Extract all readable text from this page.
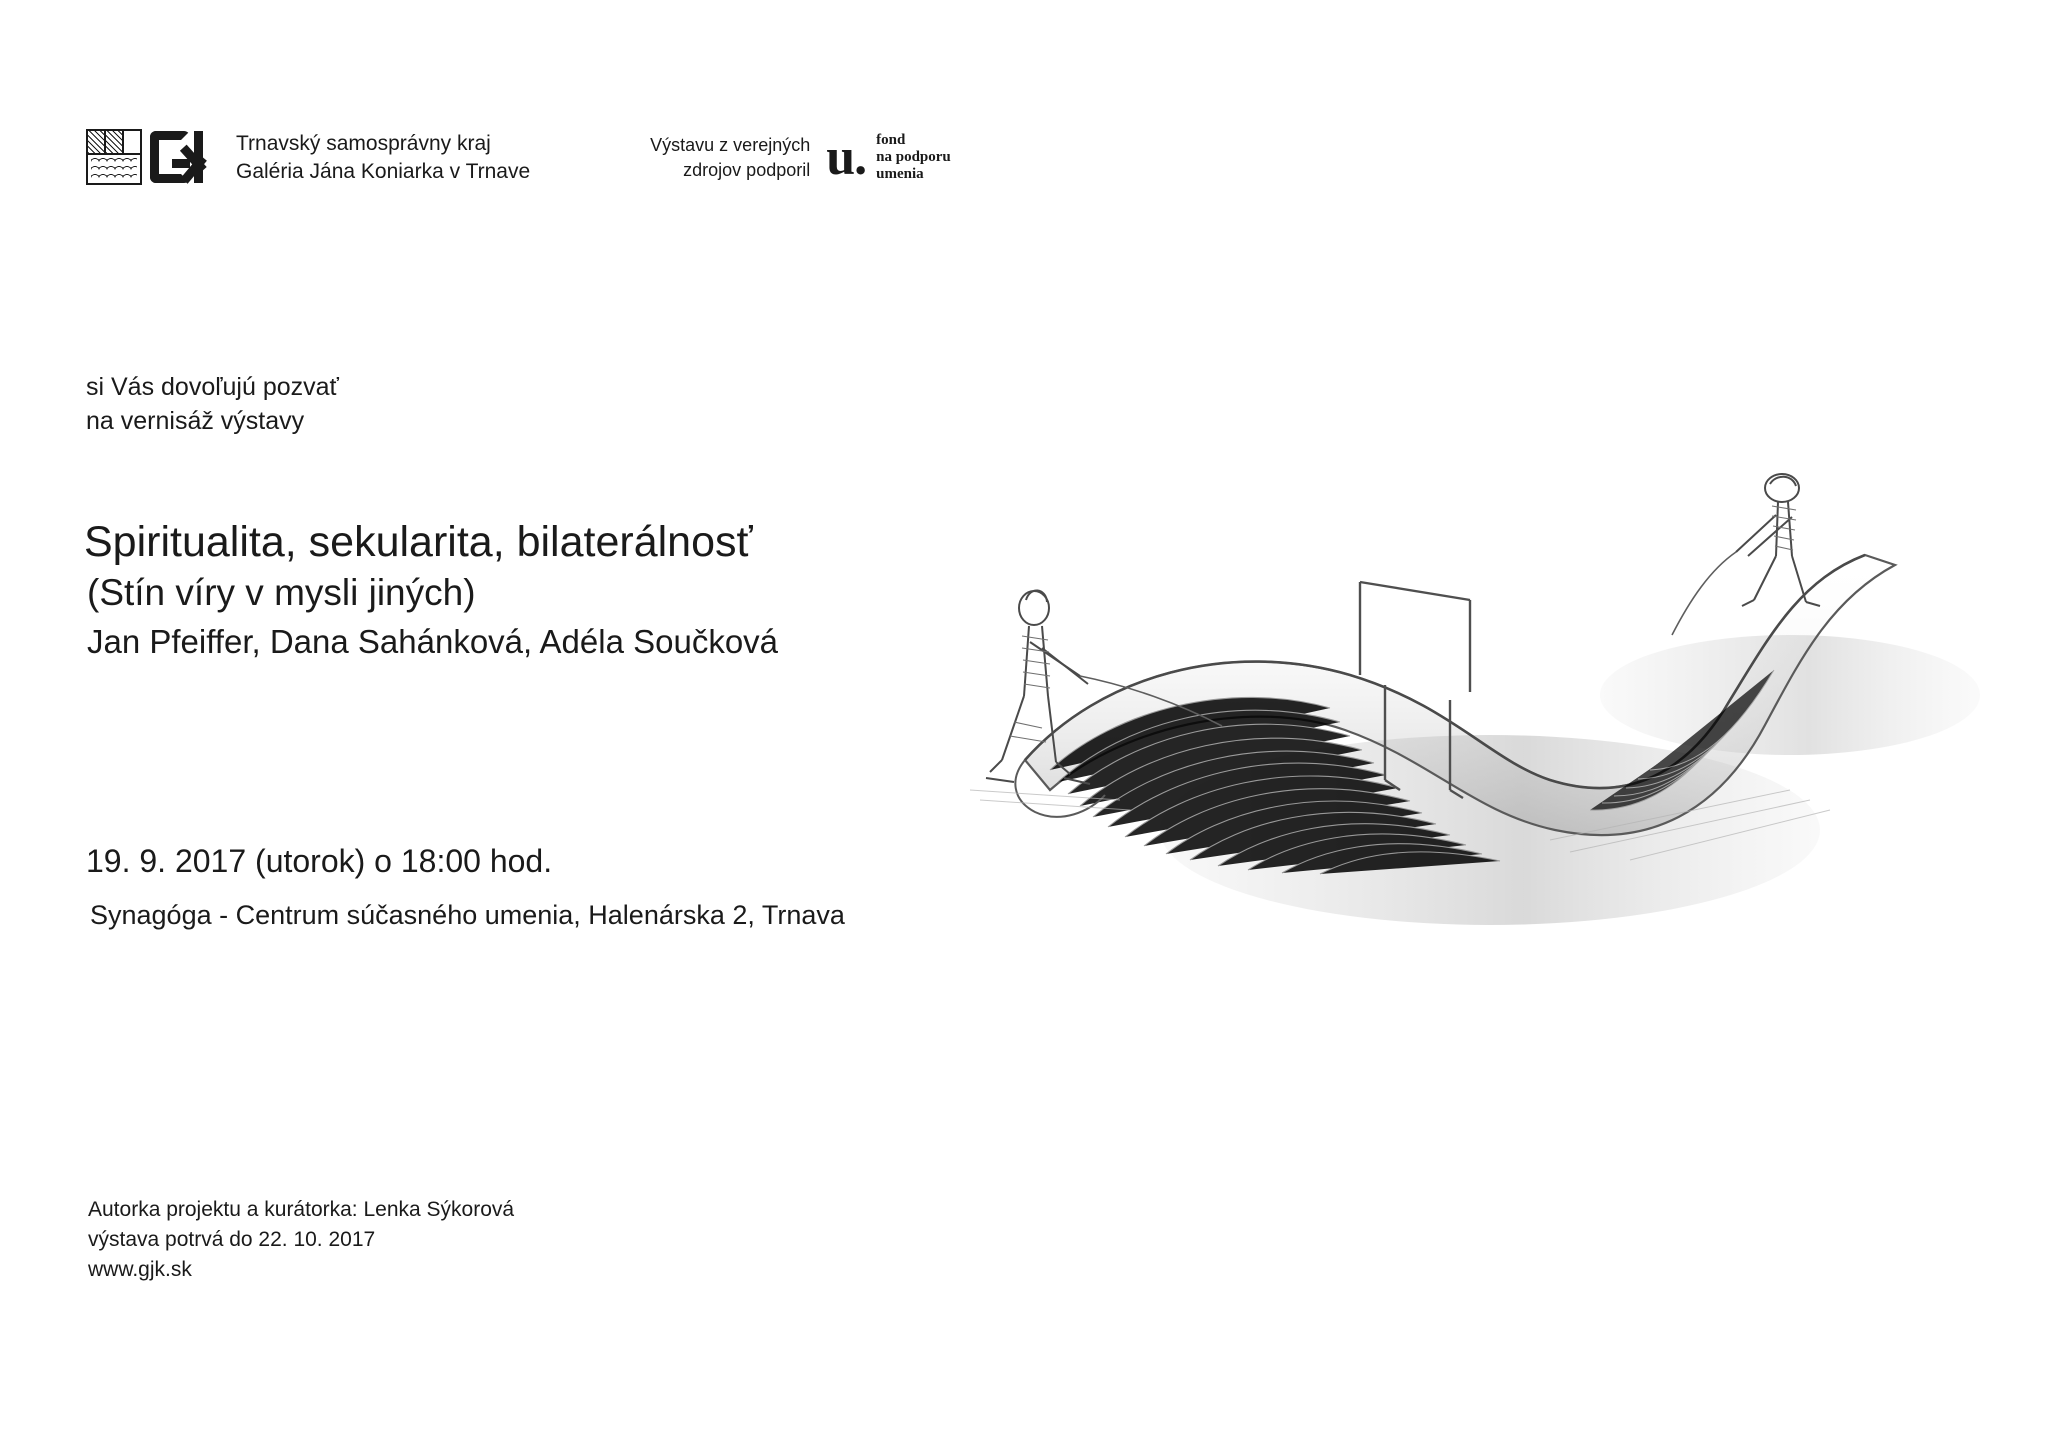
Trnavský samosprávny kraj
Galéria Jána Koniarka v Trnave
Výstavu z verejných
zdrojov podporil u. fond
na podporu
umenia
si Vás dovoľujú pozvať
na vernisáž výstavy
Spiritualita, sekularita, bilaterálnosť
(Stín víry v mysli jiných)
Jan Pfeiffer, Dana Sahánková, Adéla Součková
19. 9. 2017 (utorok) o 18:00 hod.
Synagóga - Centrum súčasného umenia, Halenárska 2, Trnava
Autorka projektu a kurátorka: Lenka Sýkorová
výstava potrvá do 22. 10. 2017
www.gjk.sk
